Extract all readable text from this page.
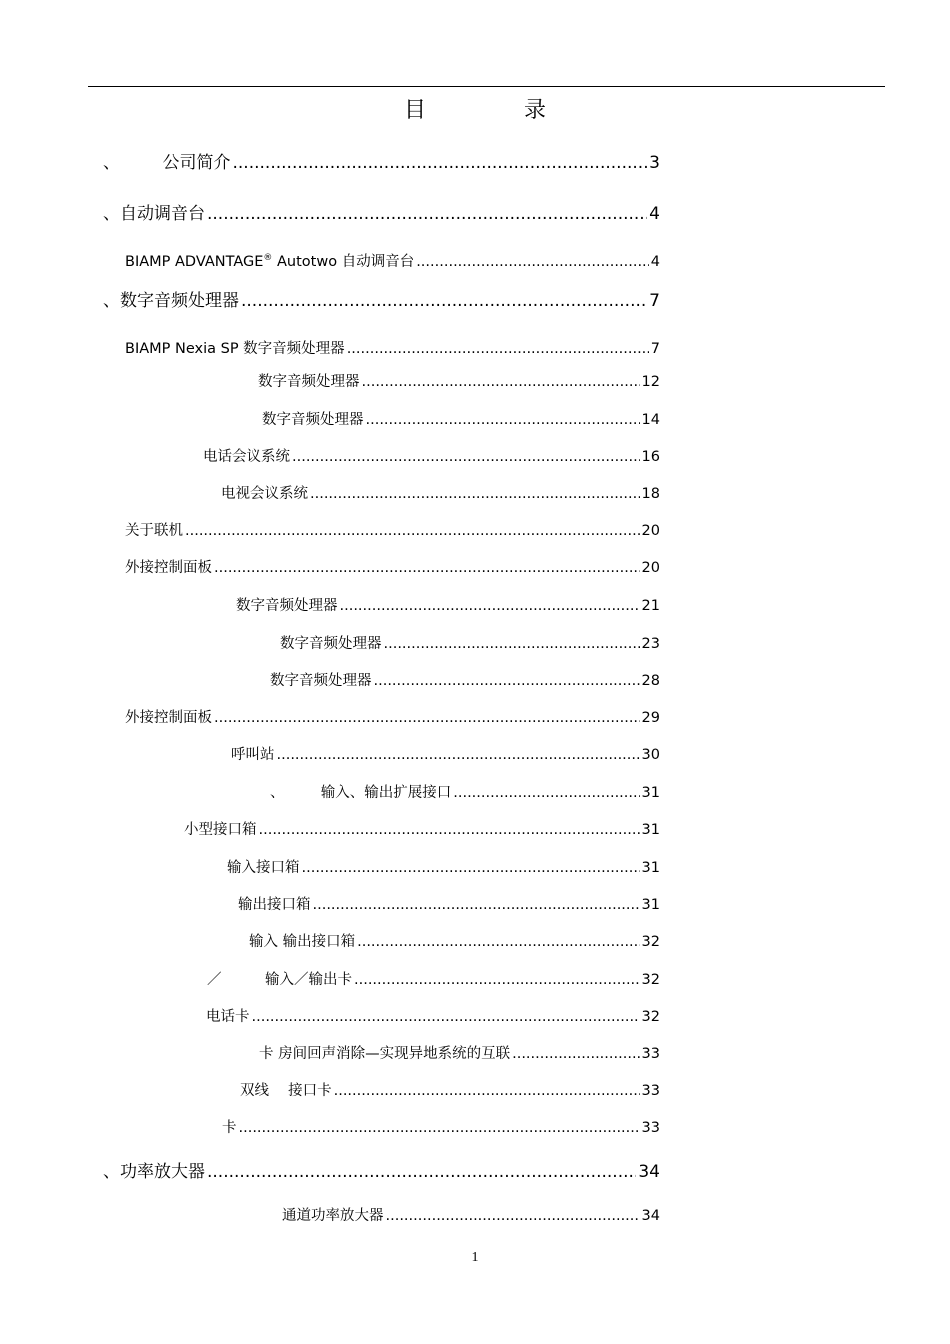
目　录
、　　　公司简介 .....	3
、自动调音台 .....	4
BIAMP ADVANTAGE® Autotwo 自动调音台 .....	4
、数字音频处理器 .....	7
BIAMP Nexia SP 数字音频处理器 .....	7
数字音频处理器 .....	12
数字音频处理器 .....	14
电话会议系统 .....	16
电视会议系统 .....	18
关于联机 .....	20
外接控制面板 .....	20
数字音频处理器 .....	21
数字音频处理器 .....	23
数字音频处理器 .....	28
外接控制面板 .....	29
呼叫站 .....	30
、　　　输入、输出扩展接口 .....	31
小型接口箱 .....	31
输入接口箱 .....	31
输出接口箱 .....	31
输入 输出接口箱 .....	32
／　　　输入／输出卡 .....	32
电话卡 .....	32
卡 房间回声消除—实现异地系统的互联 .....	33
双线　 接口卡 .....	33
卡 .....	33
、功率放大器 .....	34
通道功率放大器 .....	34
1
